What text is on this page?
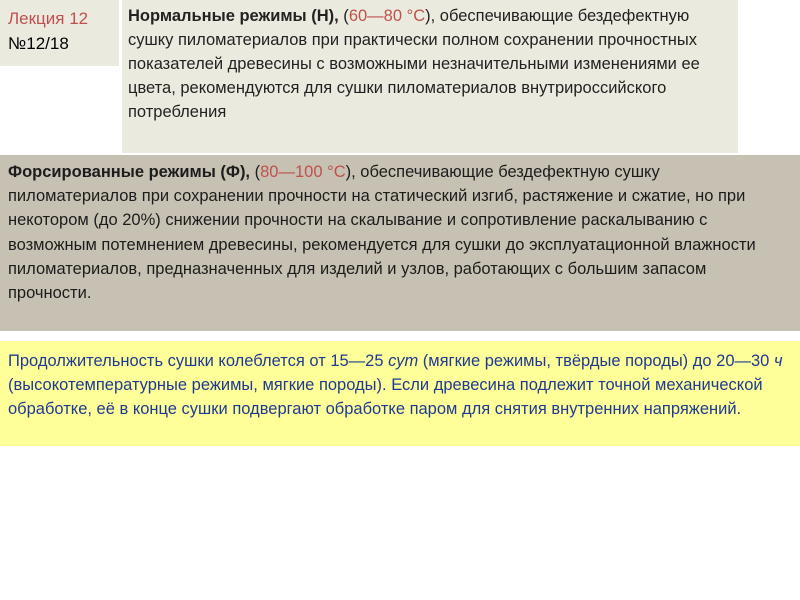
Лекция 12
№12/18
Нормальные режимы (Н), (60—80 °С), обеспечивающие бездефектную сушку пиломатериалов при практически полном сохранении прочностных показателей древесины с возможными незначительными изменениями ее цвета, рекомендуются для сушки пиломатериалов внутрироссийского потребления
Форсированные режимы (Ф), (80—100 °С), обеспечивающие бездефектную сушку пиломатериалов при сохранении прочности на статический изгиб, растяжение и сжатие, но при некотором (до 20%) снижении прочности на скалывание и сопротивление раскалыванию с возможным потемнением древесины, рекомендуется для сушки до эксплуатационной влажности пиломатериалов, предназначенных для изделий и узлов, работающих с большим запасом прочности.
Продолжительность сушки колеблется от 15—25 сут (мягкие режимы, твёрдые породы) до 20—30 ч (высокотемпературные режимы, мягкие породы). Если древесина подлежит точной механической обработке, её в конце сушки подвергают обработке паром для снятия внутренних напряжений.
